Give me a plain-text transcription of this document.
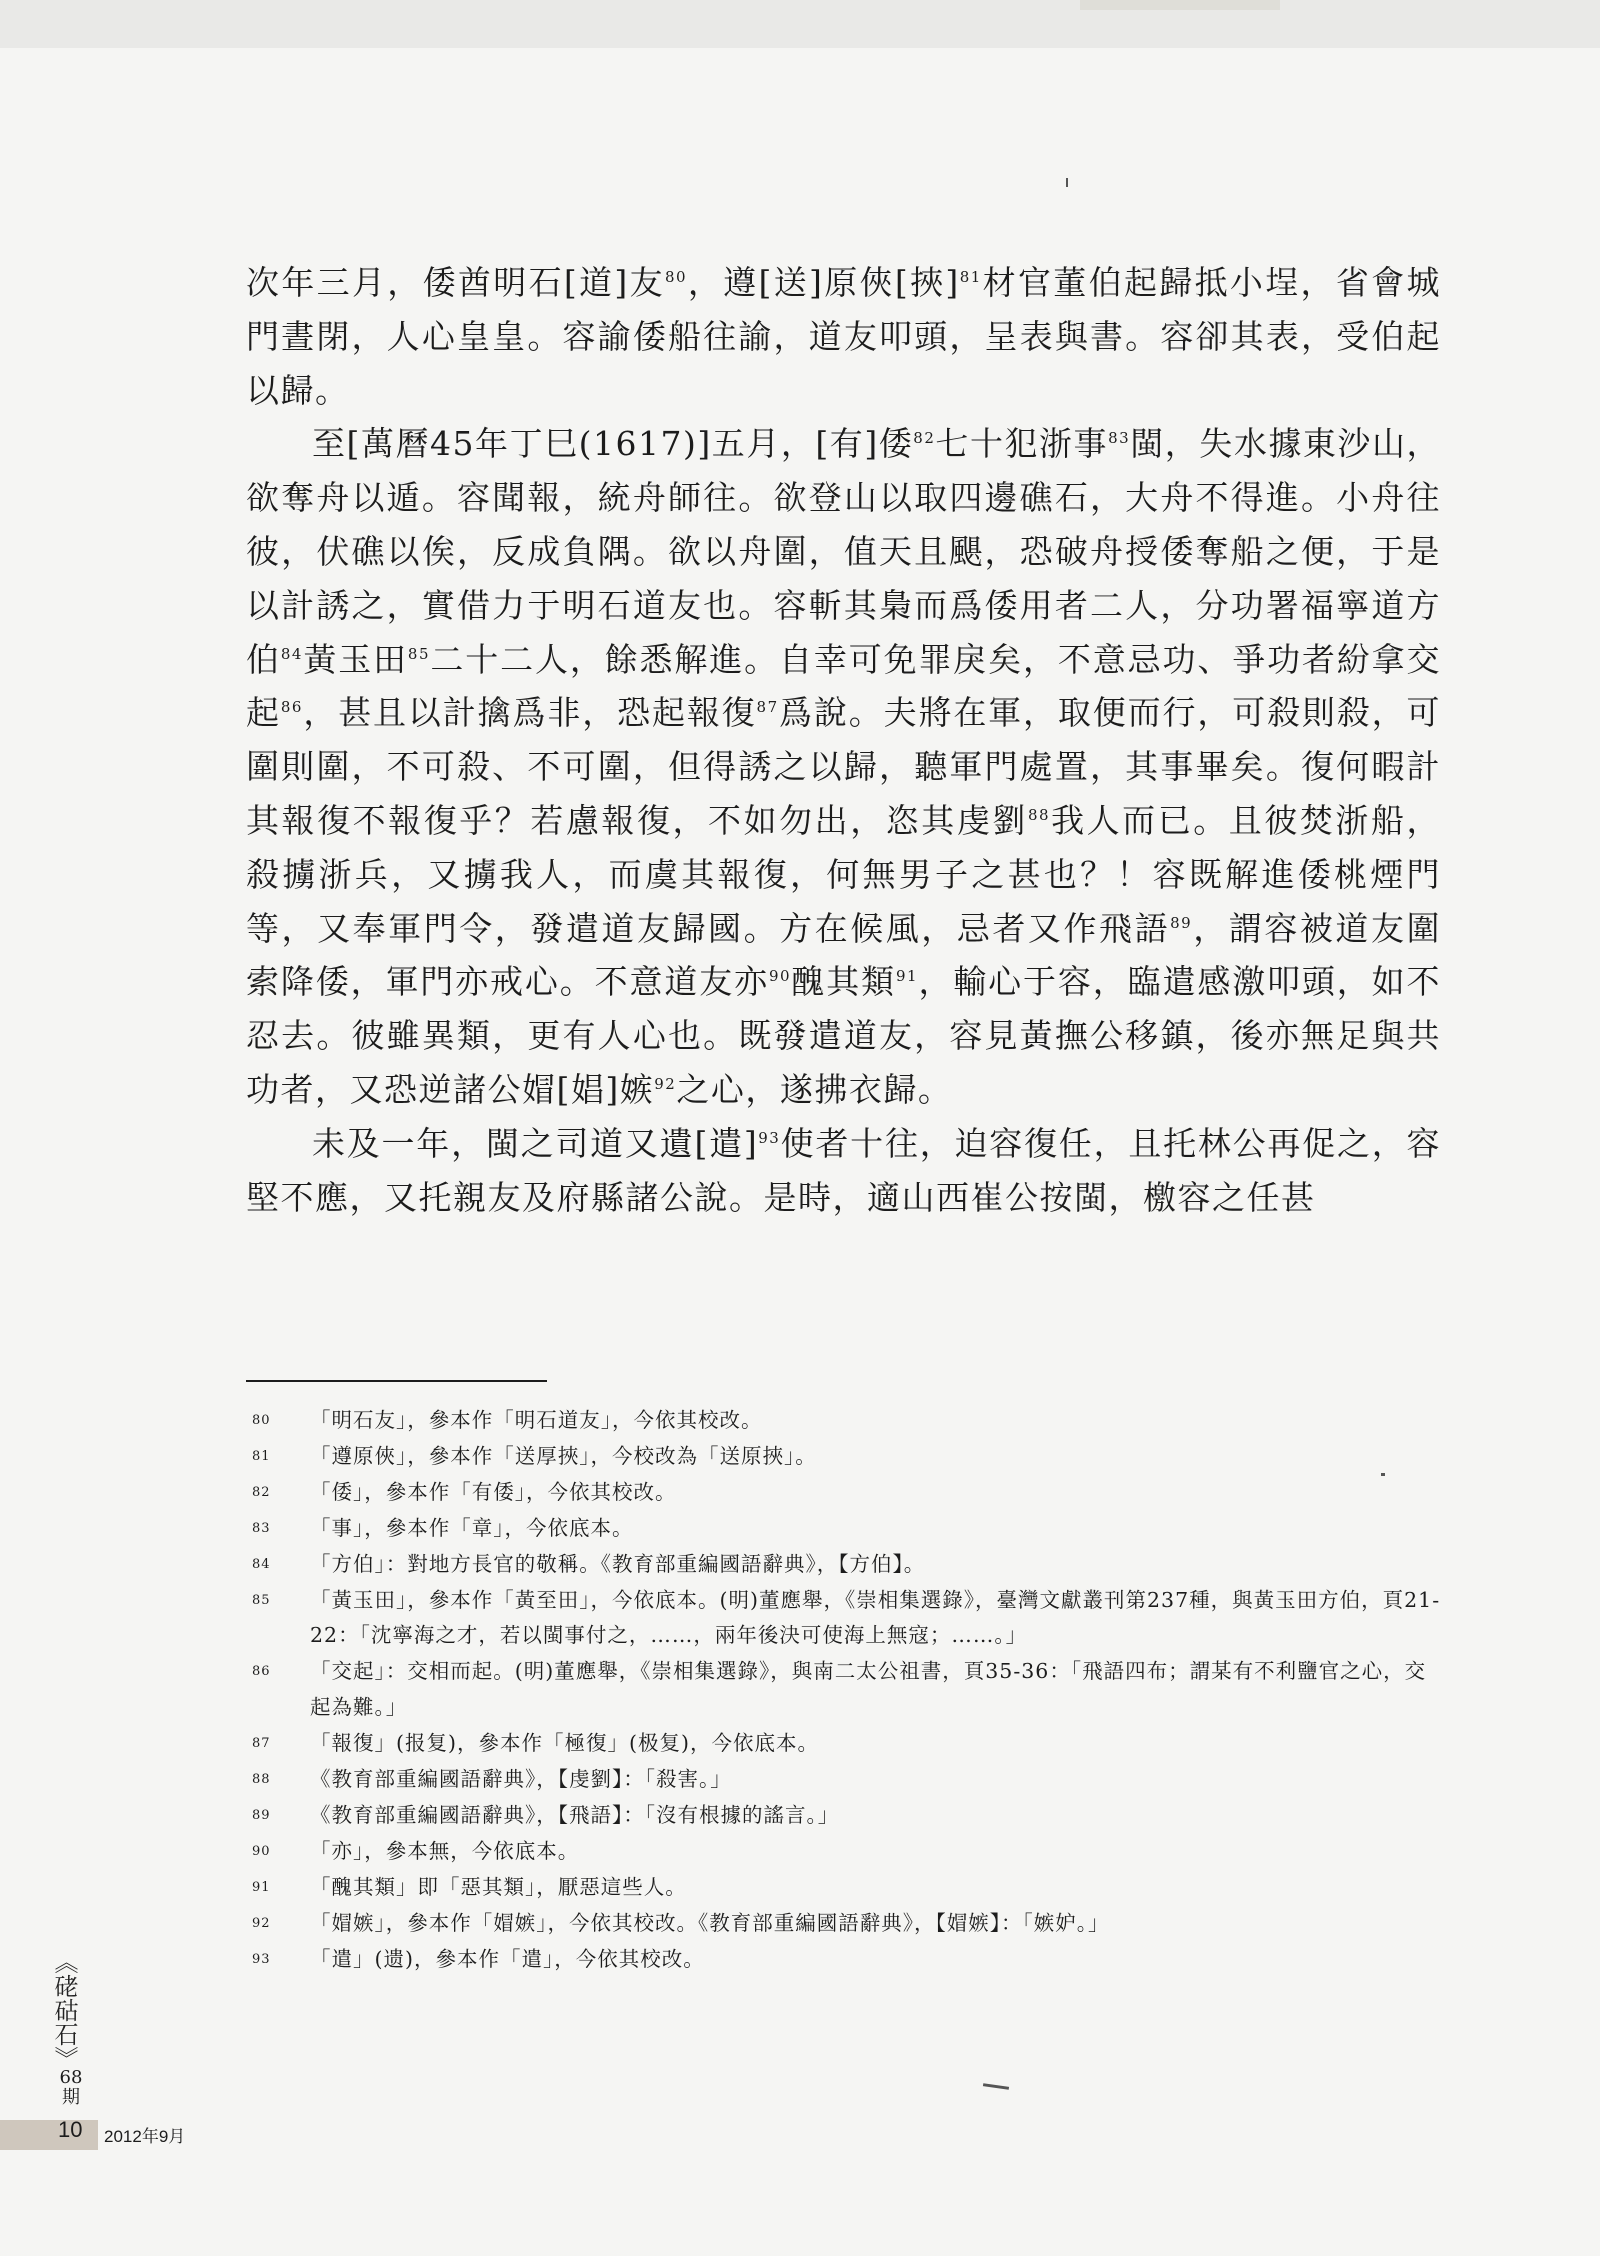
次年三月，倭酋明石[道]友$^{80}$，遵[送]原俠[挾]$^{81}$材官董伯起歸抵小埕，省會城門晝閉，人心皇皇。容諭倭船往諭，道友叩頭，呈表與書。容卻其表，受伯起以歸。

至[萬曆45年丁巳(1617)]五月，[有]倭$^{82}$七十犯浙事$^{83}$閩，失水據東沙山，欲奪舟以遁。容聞報，統舟師往。欲登山以取四邊礁石，大舟不得進。小舟往彼，伏礁以俟，反成負隅。欲以舟圍，值天且颶，恐破舟授倭奪船之便，于是以計誘之，實借力于明石道友也。容斬其梟而爲倭用者二人，分功署福寧道方伯$^{84}$黃玉田$^{85}$二十二人，餘悉解進。自幸可免罪戾矣，不意忌功、爭功者紛拿交起$^{86}$，甚且以計擒爲非，恐起報復$^{87}$爲說。夫將在軍，取便而行，可殺則殺，可圍則圍，不可殺、不可圍，但得誘之以歸，聽軍門處置，其事畢矣。復何暇計其報復不報復乎？若慮報復，不如勿出，恣其虔劉$^{88}$我人而已。且彼焚浙船，殺擄浙兵，又擄我人，而虞其報復，何無男子之甚也？！容既解進倭桃煙門等，又奉軍門令，發遣道友歸國。方在候風，忌者又作飛語$^{89}$，謂容被道友圍索降倭，軍門亦戒心。不意道友亦$^{90}$醜其類$^{91}$，輸心于容，臨遣感激叩頭，如不忍去。彼雖異類，更有人心也。既發遣道友，容見黃撫公移鎮，後亦無足與共功者，又恐逆諸公媢[娼]嫉$^{92}$之心，遂拂衣歸。

未及一年，閩之司道又遺[遣]$^{93}$使者十往，迫容復任，且托林公再促之，容堅不應，又托親友及府縣諸公說。是時，適山西崔公按閩，檄容之任甚

80 「明石友」，參本作「明石道友」，今依其校改。
81 「遵原俠」，參本作「送厚挾」，今校改為「送原挾」。
82 「倭」，參本作「有倭」，今依其校改。
83 「事」，參本作「章」，今依底本。
84 「方伯」：對地方長官的敬稱。《教育部重編國語辭典》，【方伯】。
85 「黃玉田」，參本作「黃至田」，今依底本。(明)董應舉，《崇相集選錄》，臺灣文獻叢刊第237種，與黃玉田方伯，頁21-22：「沈寧海之才，若以閩事付之，……，兩年後決可使海上無寇；……。」
86 「交起」：交相而起。(明)董應舉，《崇相集選錄》，與南二太公祖書，頁35-36：「飛語四布；謂某有不利鹽官之心，交起為難。」
87 「報復」(报复)，參本作「極復」(极复)，今依底本。
88 《教育部重編國語辭典》，【虔劉】：「殺害。」
89 《教育部重編國語辭典》，【飛語】：「沒有根據的謠言。」
90 「亦」，參本無，今依底本。
91 「醜其類」即「惡其類」，厭惡這些人。
92 「媢嫉」，參本作「媢嫉」，今依其校改。《教育部重編國語辭典》，【媢嫉】：「嫉妒。」
93 「遣」(遗)，參本作「遣」，今依其校改。
《硓𥑮石》
68期
10 2012年9月
